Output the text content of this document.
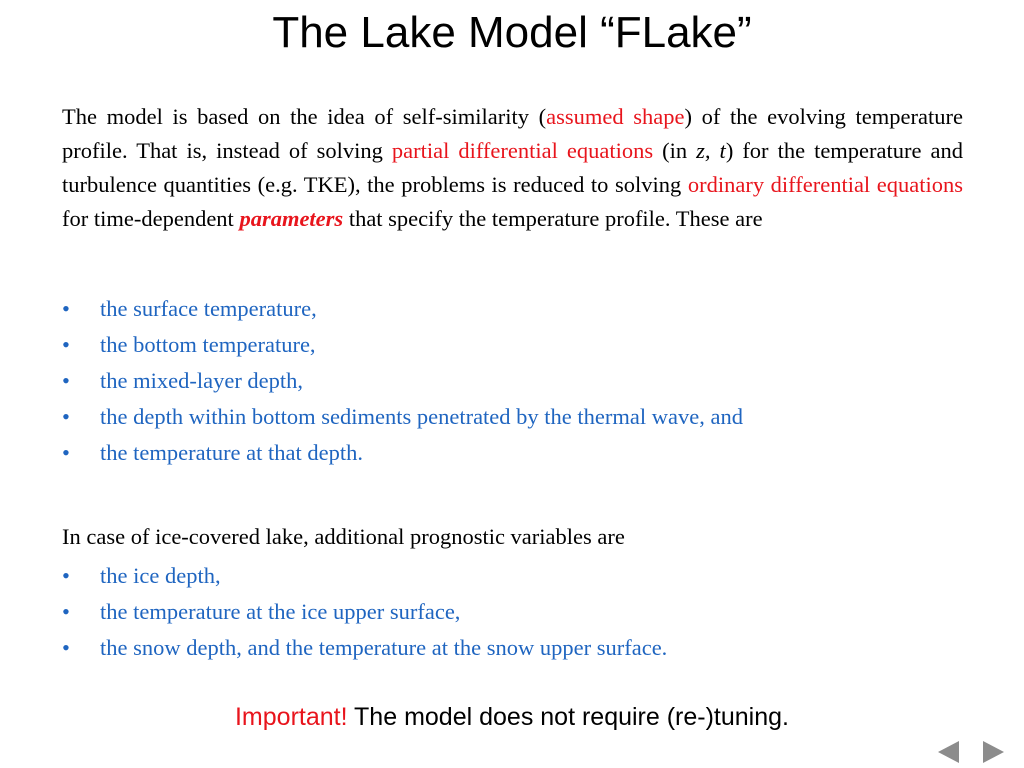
The Lake Model “FLake”
The model is based on the idea of self-similarity (assumed shape) of the evolving temperature profile. That is, instead of solving partial differential equations (in z, t) for the temperature and turbulence quantities (e.g. TKE), the problems is reduced to solving ordinary differential equations for time-dependent parameters that specify the temperature profile. These are
• the surface temperature,
• the bottom temperature,
• the mixed-layer depth,
• the depth within bottom sediments penetrated by the thermal wave, and
• the temperature at that depth.
In case of ice-covered lake, additional prognostic variables are
• the ice depth,
• the temperature at the ice upper surface,
• the snow depth, and the temperature at the snow upper surface.
Important! The model does not require (re-)tuning.
